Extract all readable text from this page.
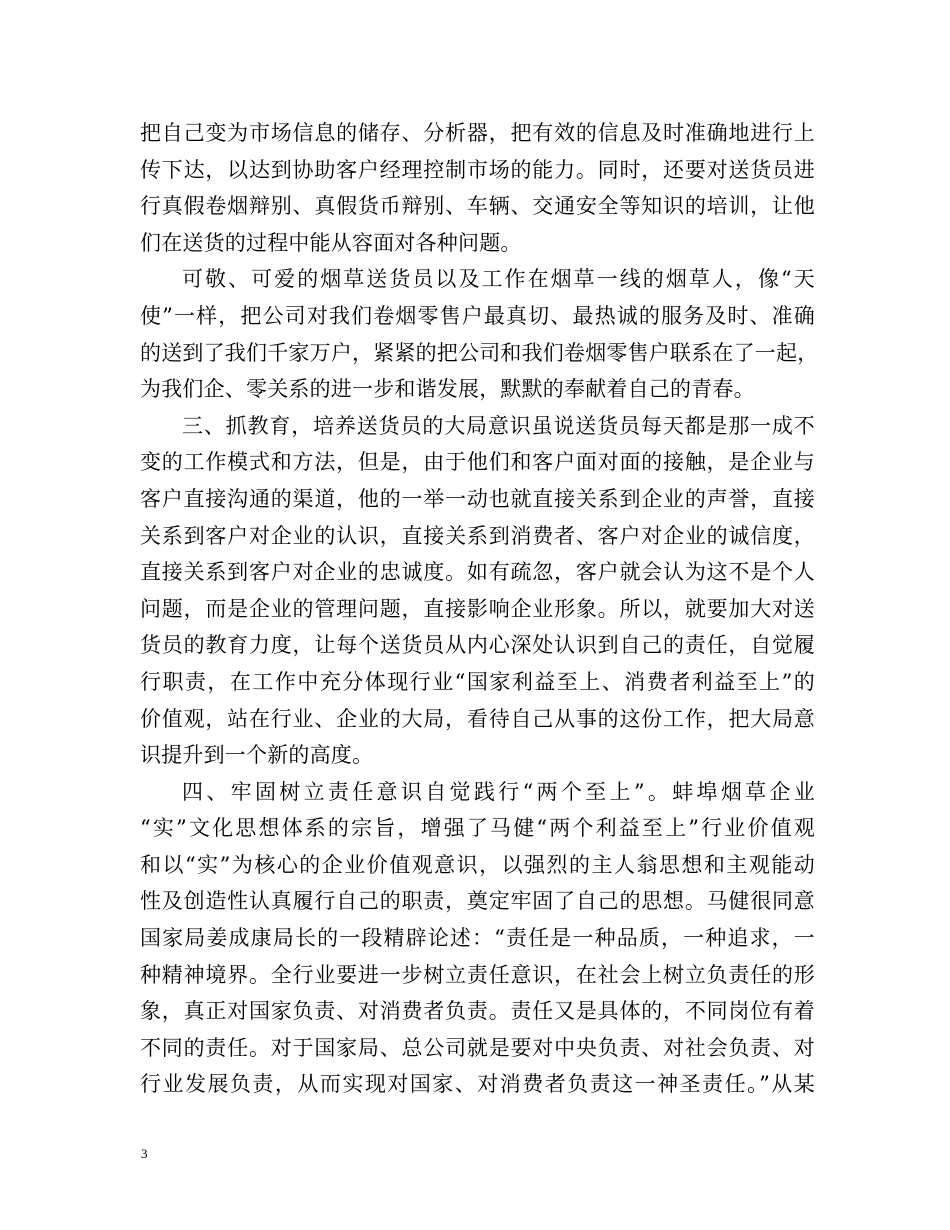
把自己变为市场信息的储存、分析器，把有效的信息及时准确地进行上
传下达，以达到协助客户经理控制市场的能力。同时，还要对送货员进
行真假卷烟辩别、真假货币辩别、车辆、交通安全等知识的培训，让他
们在送货的过程中能从容面对各种问题。
可敬、可爱的烟草送货员以及工作在烟草一线的烟草人，像“天
使”一样，把公司对我们卷烟零售户最真切、最热诚的服务及时、准确
的送到了我们千家万户，紧紧的把公司和我们卷烟零售户联系在了一起，
为我们企、零关系的进一步和谐发展，默默的奉献着自己的青春。
三、抓教育，培养送货员的大局意识虽说送货员每天都是那一成不
变的工作模式和方法，但是，由于他们和客户面对面的接触，是企业与
客户直接沟通的渠道，他的一举一动也就直接关系到企业的声誉，直接
关系到客户对企业的认识，直接关系到消费者、客户对企业的诚信度，
直接关系到客户对企业的忠诚度。如有疏忽，客户就会认为这不是个人
问题，而是企业的管理问题，直接影响企业形象。所以，就要加大对送
货员的教育力度，让每个送货员从内心深处认识到自己的责任，自觉履
行职责，在工作中充分体现行业“国家利益至上、消费者利益至上”的
价值观，站在行业、企业的大局，看待自己从事的这份工作，把大局意
识提升到一个新的高度。
四、牢固树立责任意识自觉践行“两个至上”。蚌埠烟草企业
“实”文化思想体系的宗旨，增强了马健“两个利益至上”行业价值观
和以“实”为核心的企业价值观意识，以强烈的主人翁思想和主观能动
性及创造性认真履行自己的职责，奠定牢固了自己的思想。马健很同意
国家局姜成康局长的一段精辟论述：“责任是一种品质，一种追求，一
种精神境界。全行业要进一步树立责任意识，在社会上树立负责任的形
象，真正对国家负责、对消费者负责。责任又是具体的，不同岗位有着
不同的责任。对于国家局、总公司就是要对中央负责、对社会负责、对
行业发展负责，从而实现对国家、对消费者负责这一神圣责任。”从某
3
